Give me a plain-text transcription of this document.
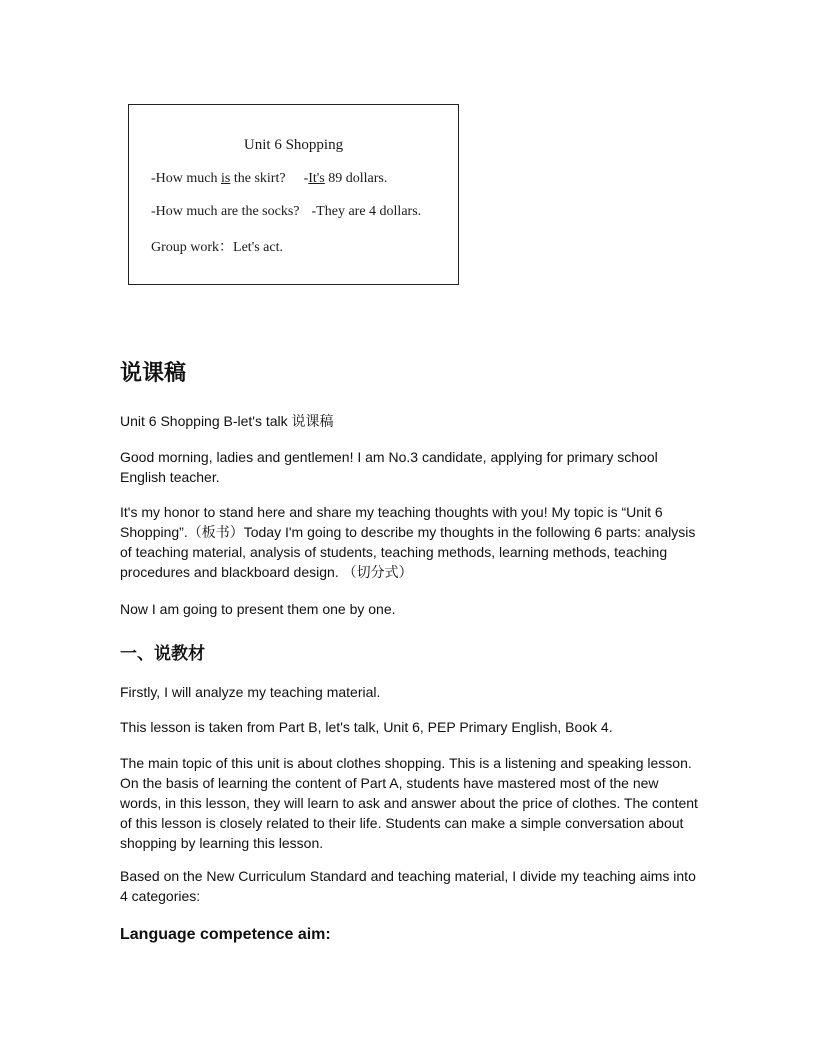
Unit 6 Shopping
-How much is the skirt? -It's 89 dollars.
-How much are the socks? -They are 4 dollars.
Group work：Let's act.
说课稿

Unit 6 Shopping B-let's talk 说课稿

Good morning, ladies and gentlemen! I am No.3 candidate, applying for primary school English teacher.

It's my honor to stand here and share my teaching thoughts with you! My topic is “Unit 6 Shopping”.（板书）Today I'm going to describe my thoughts in the following 6 parts: analysis of teaching material, analysis of students, teaching methods, learning methods, teaching procedures and blackboard design. （切分式）

Now I am going to present them one by one.

一、说教材

Firstly, I will analyze my teaching material.

This lesson is taken from Part B, let's talk, Unit 6, PEP Primary English, Book 4.

The main topic of this unit is about clothes shopping. This is a listening and speaking lesson. On the basis of learning the content of Part A, students have mastered most of the new words, in this lesson, they will learn to ask and answer about the price of clothes. The content of this lesson is closely related to their life. Students can make a simple conversation about shopping by learning this lesson.

Based on the New Curriculum Standard and teaching material, I divide my teaching aims into 4 categories:

Language competence aim:
